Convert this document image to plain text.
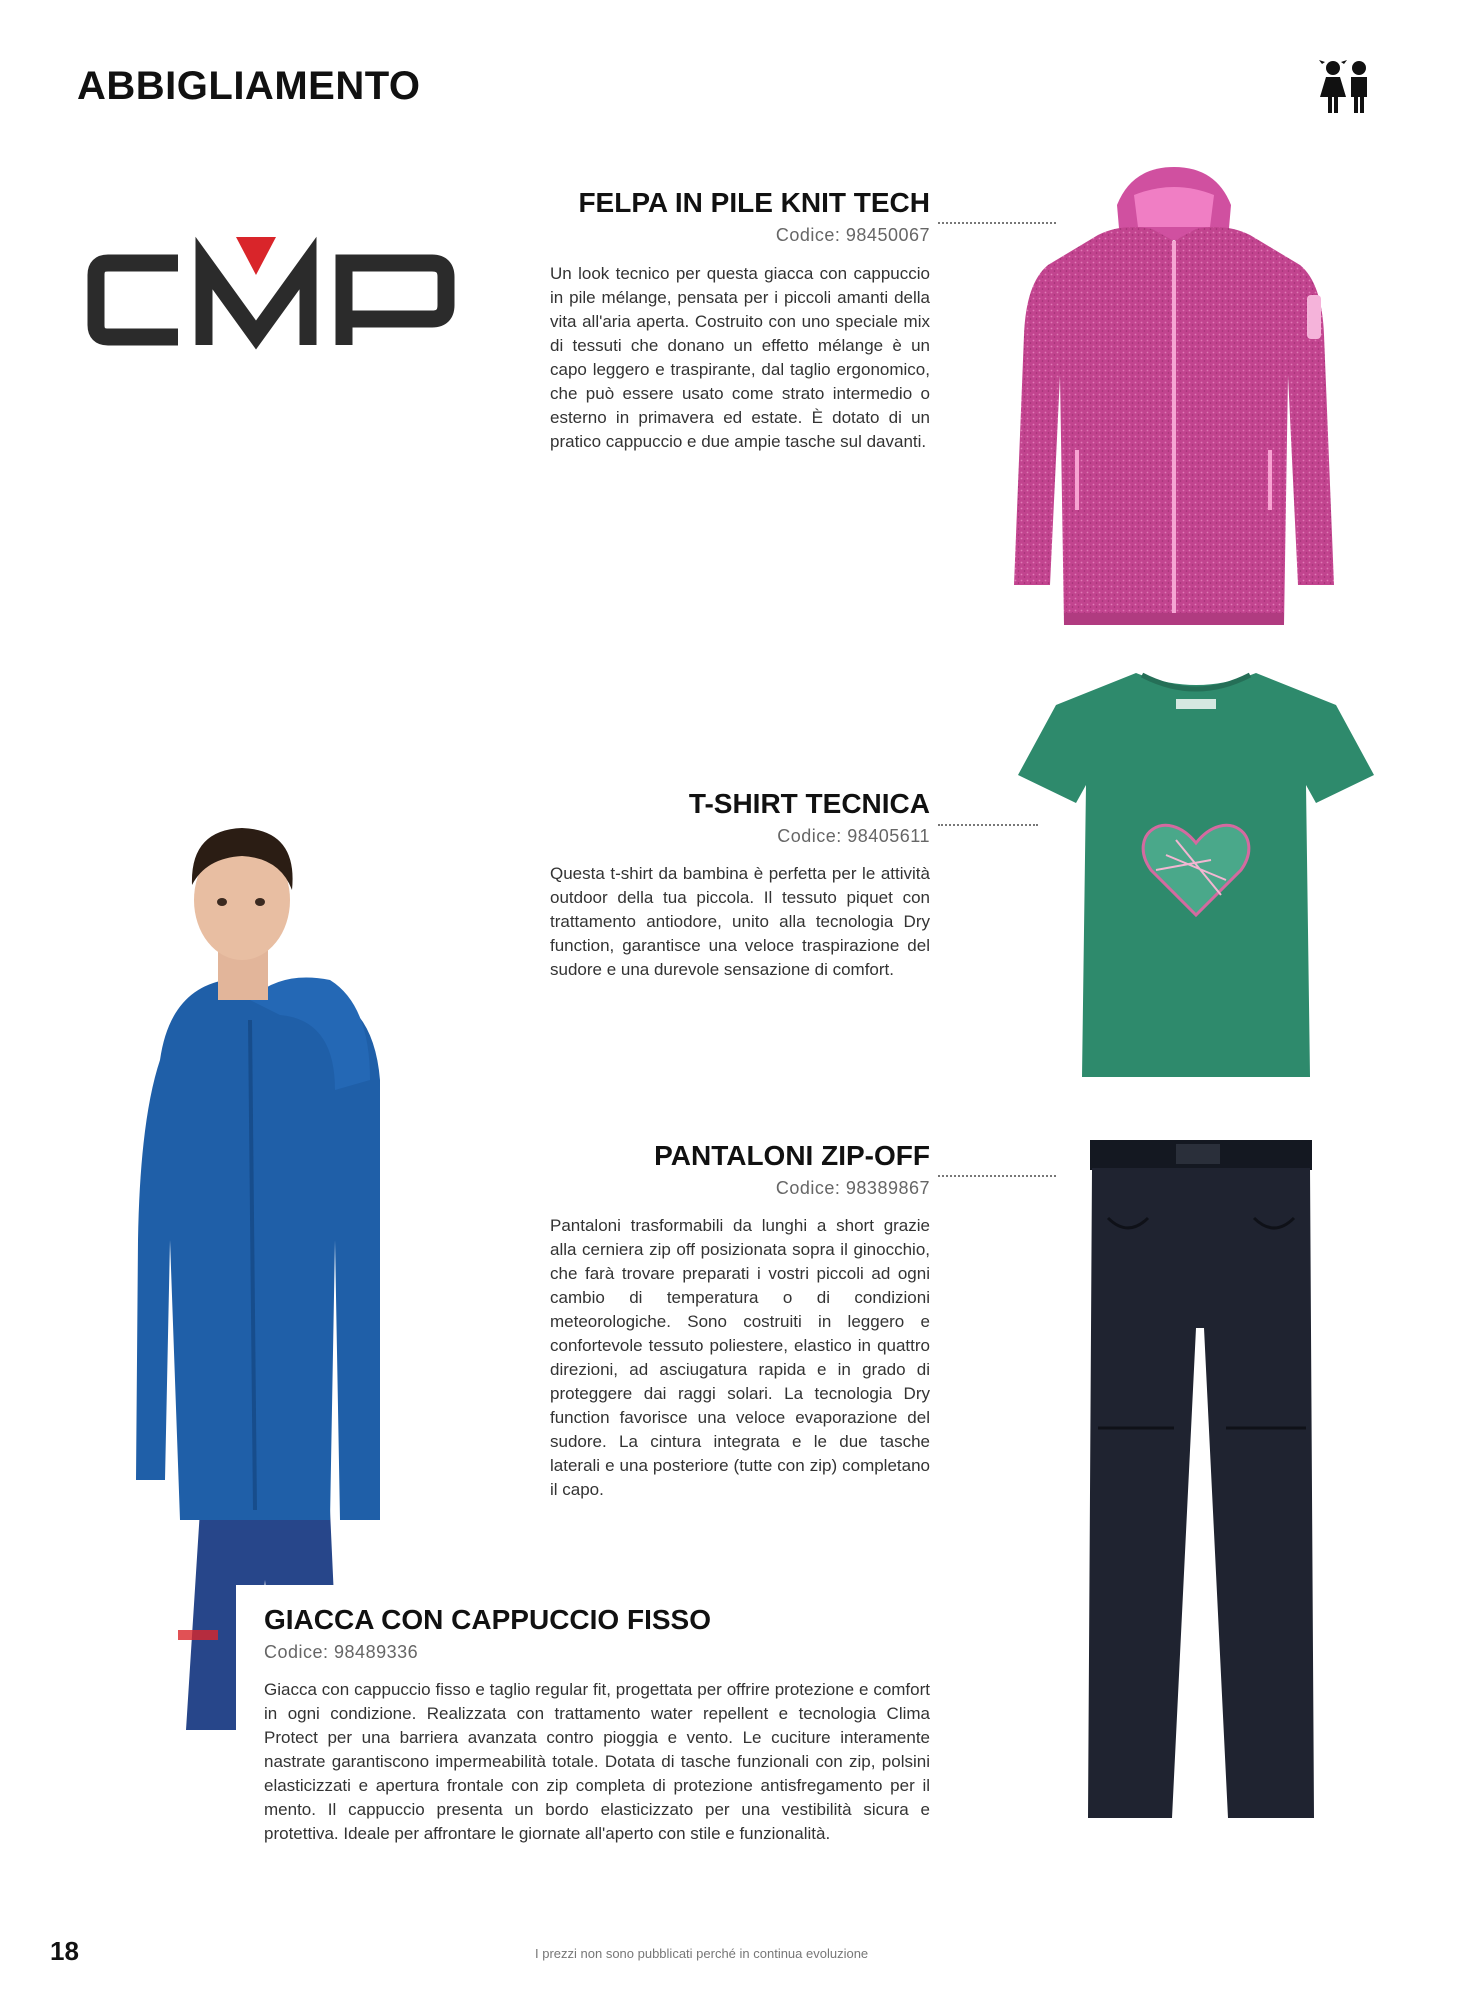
ABBIGLIAMENTO
FELPA IN PILE KNIT TECH
Codice: 98450067
Un look tecnico per questa giacca con cappuccio in pile mélange, pensata per i piccoli amanti della vita all'aria aperta. Costruito con uno speciale mix di tessuti che donano un effetto mélange è un capo leggero e traspirante, dal taglio ergonomico, che può essere usato come strato intermedio o esterno in primavera ed estate. È dotato di un pratico cappuccio e due ampie tasche sul davanti.
T-SHIRT TECNICA
Codice: 98405611
Questa t-shirt da bambina è perfetta per le attività outdoor della tua piccola. Il tessuto piquet con trattamento antiodore, unito alla tecnologia Dry function, garantisce una veloce traspirazione del sudore e una durevole sensazione di comfort.
PANTALONI ZIP-OFF
Codice: 98389867
Pantaloni trasformabili da lunghi a short grazie alla cerniera zip off posizionata sopra il ginocchio, che farà trovare preparati i vostri piccoli ad ogni cambio di temperatura o di condizioni meteorologiche. Sono costruiti in leggero e confortevole tessuto poliestere, elastico in quattro direzioni, ad asciugatura rapida e in grado di proteggere dai raggi solari. La tecnologia Dry function favorisce una veloce evaporazione del sudore. La cintura integrata e le due tasche laterali e una posteriore (tutte con zip) completano il capo.
GIACCA CON CAPPUCCIO FISSO
Codice: 98489336
Giacca con cappuccio fisso e taglio regular fit, progettata per offrire protezione e comfort in ogni condizione. Realizzata con trattamento water repellent e tecnologia Clima Protect per una barriera avanzata contro pioggia e vento. Le cuciture interamente nastrate garantiscono impermeabilità totale. Dotata di tasche funzionali con zip, polsini elasticizzati e apertura frontale con zip completa di protezione antisfregamento per il mento. Il cappuccio presenta un bordo elasticizzato per una vestibilità sicura e protettiva. Ideale per affrontare le giornate all'aperto con stile e funzionalità.
18	I prezzi non sono pubblicati perché in continua evoluzione
